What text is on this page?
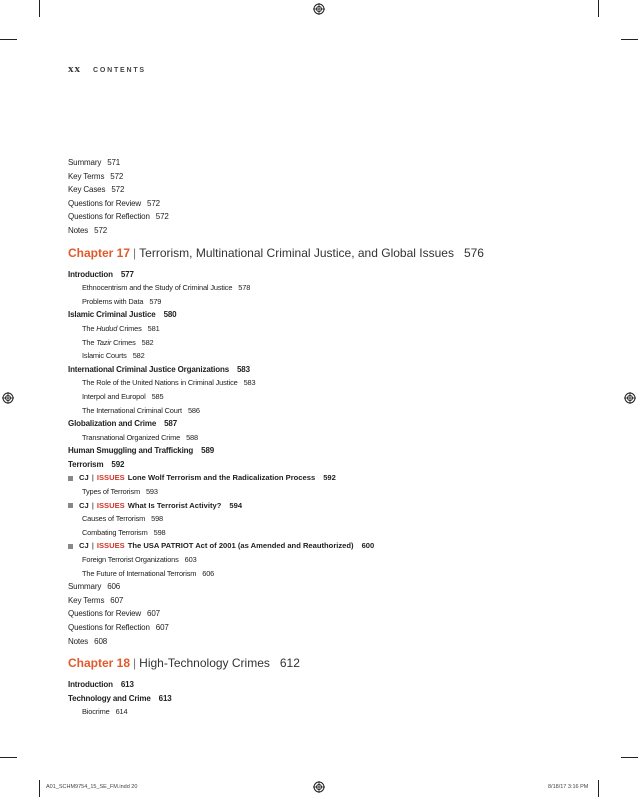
xx CONTENTS
Summary 571
Key Terms 572
Key Cases 572
Questions for Review 572
Questions for Reflection 572
Notes 572
Chapter 17 | Terrorism, Multinational Criminal Justice, and Global Issues 576
Introduction 577
Ethnocentrism and the Study of Criminal Justice 578
Problems with Data 579
Islamic Criminal Justice 580
The Hudud Crimes 581
The Tazir Crimes 582
Islamic Courts 582
International Criminal Justice Organizations 583
The Role of the United Nations in Criminal Justice 583
Interpol and Europol 585
The International Criminal Court 586
Globalization and Crime 587
Transnational Organized Crime 588
Human Smuggling and Trafficking 589
Terrorism 592
CJ | ISSUES Lone Wolf Terrorism and the Radicalization Process 592
Types of Terrorism 593
CJ | ISSUES What Is Terrorist Activity? 594
Causes of Terrorism 598
Combating Terrorism 598
CJ | ISSUES The USA PATRIOT Act of 2001 (as Amended and Reauthorized) 600
Foreign Terrorist Organizations 603
The Future of International Terrorism 606
Summary 606
Key Terms 607
Questions for Review 607
Questions for Reflection 607
Notes 608
Chapter 18 | High-Technology Crimes 612
Introduction 613
Technology and Crime 613
Biocrime 614
A01_SCHM9754_15_SE_FM.indd 20	8/18/17 3:16 PM
